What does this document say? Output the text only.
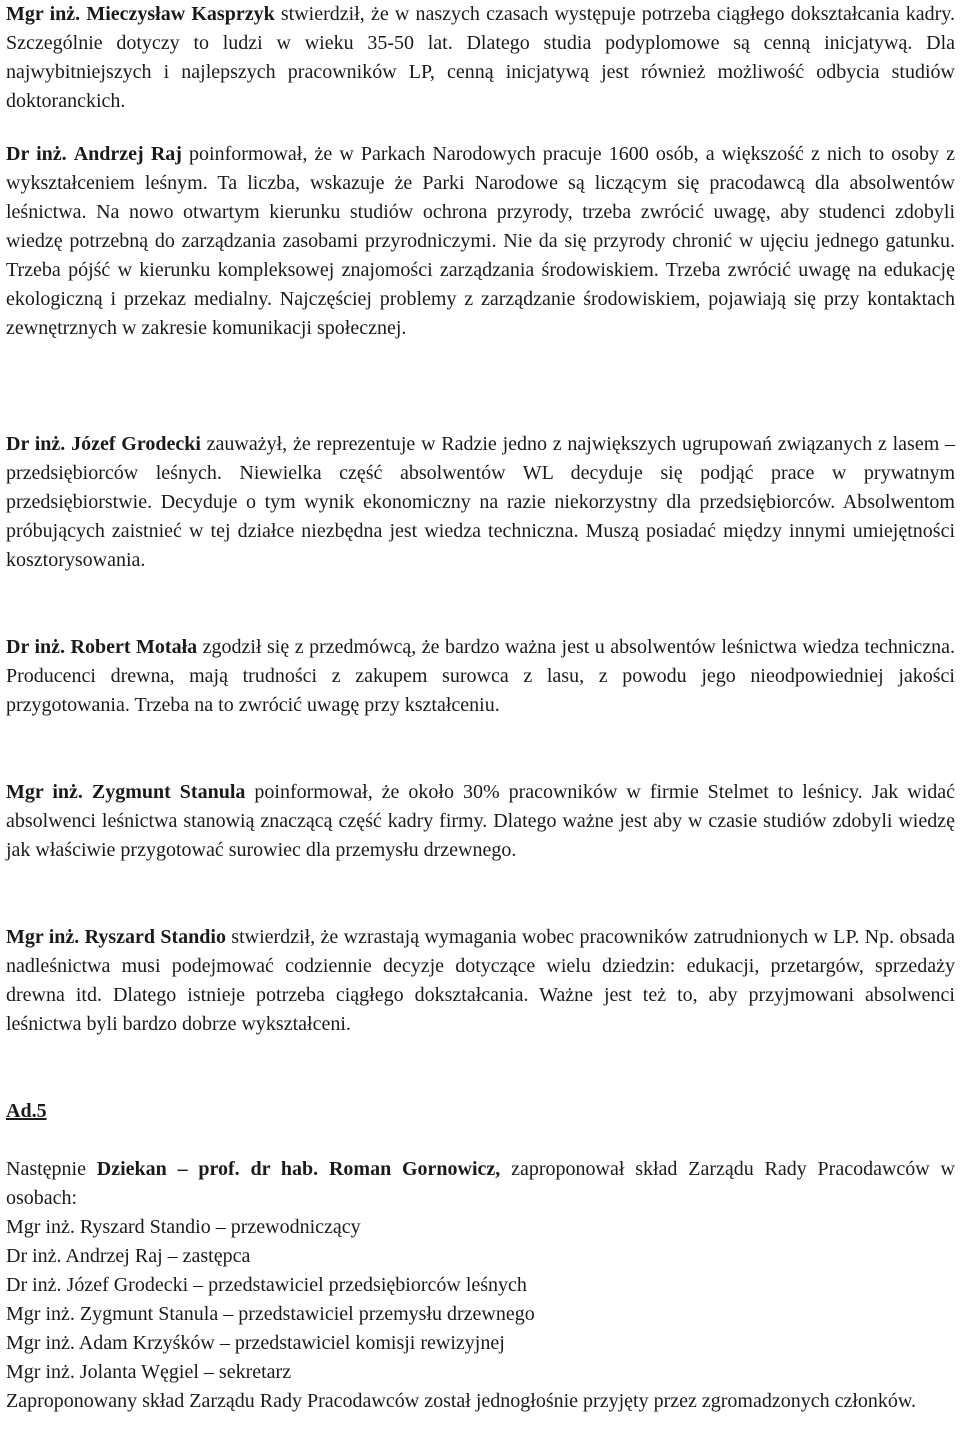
Mgr inż. Mieczysław Kasprzyk stwierdził, że w naszych czasach występuje potrzeba ciągłego dokształcania kadry. Szczególnie dotyczy to ludzi w wieku 35-50 lat. Dlatego studia podyplomowe są cenną inicjatywą. Dla najwybitniejszych i najlepszych pracowników LP, cenną inicjatywą jest również możliwość odbycia studiów doktoranckich.

Dr inż. Andrzej Raj poinformował, że w Parkach Narodowych pracuje 1600 osób, a większość z nich to osoby z wykształceniem leśnym. Ta liczba, wskazuje że Parki Narodowe są liczącym się pracodawcą dla absolwentów leśnictwa. Na nowo otwartym kierunku studiów ochrona przyrody, trzeba zwrócić uwagę, aby studenci zdobyli wiedzę potrzebną do zarządzania zasobami przyrodniczymi. Nie da się przyrody chronić w ujęciu jednego gatunku. Trzeba pójść w kierunku kompleksowej znajomości zarządzania środowiskiem. Trzeba zwrócić uwagę na edukację ekologiczną i przekaz medialny. Najczęściej problemy z zarządzanie środowiskiem, pojawiają się przy kontaktach zewnętrznych w zakresie komunikacji społecznej.

Dr inż. Józef Grodecki zauważył, że reprezentuje w Radzie jedno z największych ugrupowań związanych z lasem – przedsiębiorców leśnych. Niewielka część absolwentów WL decyduje się podjąć prace w prywatnym przedsiębiorstwie. Decyduje o tym wynik ekonomiczny na razie niekorzystny dla przedsiębiorców. Absolwentom próbujących zaistnieć w tej działce niezbędna jest wiedza techniczna. Muszą posiadać między innymi umiejętności kosztorysowania.

Dr inż. Robert Motała zgodził się z przedmówcą, że bardzo ważna jest u absolwentów leśnictwa wiedza techniczna. Producenci drewna, mają trudności z zakupem surowca z lasu, z powodu jego nieodpowiedniej jakości przygotowania. Trzeba na to zwrócić uwagę przy kształceniu.

Mgr inż. Zygmunt Stanula poinformował, że około 30% pracowników w firmie Stelmet to leśnicy. Jak widać absolwenci leśnictwa stanowią znaczącą część kadry firmy. Dlatego ważne jest aby w czasie studiów zdobyli wiedzę jak właściwie przygotować surowiec dla przemysłu drzewnego.

Mgr inż. Ryszard Standio stwierdził, że wzrastają wymagania wobec pracowników zatrudnionych w LP. Np. obsada nadleśnictwa musi podejmować codziennie decyzje dotyczące wielu dziedzin: edukacji, przetargów, sprzedaży drewna itd. Dlatego istnieje potrzeba ciągłego dokształcania. Ważne jest też to, aby przyjmowani absolwenci leśnictwa byli bardzo dobrze wykształceni.

Ad.5

Następnie Dziekan – prof. dr hab. Roman Gornowicz, zaproponował skład Zarządu Rady Pracodawców w osobach:

Mgr inż. Ryszard Standio – przewodniczący
Dr inż. Andrzej Raj – zastępca
Dr inż. Józef Grodecki – przedstawiciel przedsiębiorców leśnych
Mgr inż. Zygmunt Stanula – przedstawiciel przemysłu drzewnego
Mgr inż. Adam Krzyśków – przedstawiciel komisji rewizyjnej
Mgr inż. Jolanta Węgiel – sekretarz

Zaproponowany skład Zarządu Rady Pracodawców został jednogłośnie przyjęty przez zgromadzonych członków.
